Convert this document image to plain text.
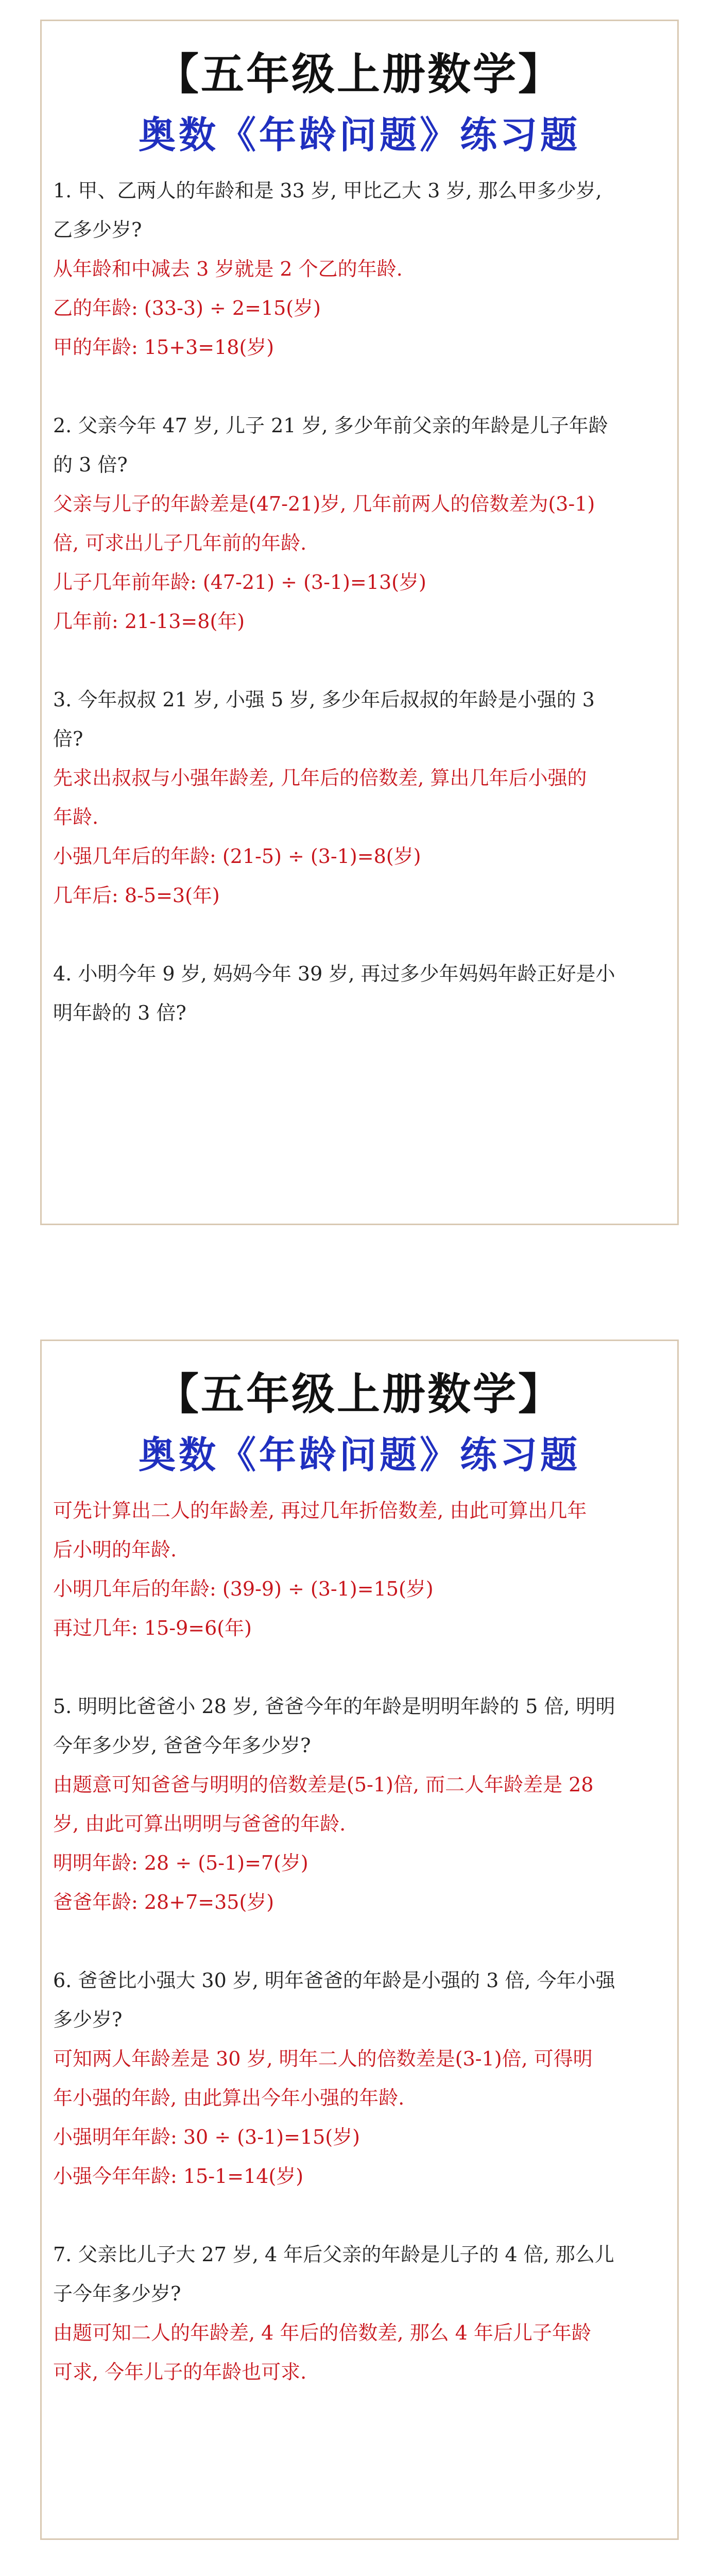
【五年级上册数学】
奥数《年龄问题》练习题
1. 甲、乙两人的年龄和是 33 岁, 甲比乙大 3 岁, 那么甲多少岁,
乙多少岁?
从年龄和中减去 3 岁就是 2 个乙的年龄.
乙的年龄: (33-3) ÷ 2=15(岁)
甲的年龄: 15+3=18(岁)
2. 父亲今年 47 岁, 儿子 21 岁, 多少年前父亲的年龄是儿子年龄
的 3 倍?
父亲与儿子的年龄差是(47-21)岁, 几年前两人的倍数差为(3-1)
倍, 可求出儿子几年前的年龄.
儿子几年前年龄: (47-21) ÷ (3-1)=13(岁)
几年前: 21-13=8(年)
3. 今年叔叔 21 岁, 小强 5 岁, 多少年后叔叔的年龄是小强的 3
倍?
先求出叔叔与小强年龄差, 几年后的倍数差, 算出几年后小强的
年龄.
小强几年后的年龄: (21-5) ÷ (3-1)=8(岁)
几年后: 8-5=3(年)
4. 小明今年 9 岁, 妈妈今年 39 岁, 再过多少年妈妈年龄正好是小
明年龄的 3 倍?
【五年级上册数学】
奥数《年龄问题》练习题
可先计算出二人的年龄差, 再过几年折倍数差, 由此可算出几年
后小明的年龄.
小明几年后的年龄: (39-9) ÷ (3-1)=15(岁)
再过几年: 15-9=6(年)
5. 明明比爸爸小 28 岁, 爸爸今年的年龄是明明年龄的 5 倍, 明明
今年多少岁, 爸爸今年多少岁?
由题意可知爸爸与明明的倍数差是(5-1)倍, 而二人年龄差是 28
岁, 由此可算出明明与爸爸的年龄.
明明年龄: 28 ÷ (5-1)=7(岁)
爸爸年龄: 28+7=35(岁)
6. 爸爸比小强大 30 岁, 明年爸爸的年龄是小强的 3 倍, 今年小强
多少岁?
可知两人年龄差是 30 岁, 明年二人的倍数差是(3-1)倍, 可得明
年小强的年龄, 由此算出今年小强的年龄.
小强明年年龄: 30 ÷ (3-1)=15(岁)
小强今年年龄: 15-1=14(岁)
7. 父亲比儿子大 27 岁, 4 年后父亲的年龄是儿子的 4 倍, 那么儿
子今年多少岁?
由题可知二人的年龄差, 4 年后的倍数差, 那么 4 年后儿子年龄
可求, 今年儿子的年龄也可求.
